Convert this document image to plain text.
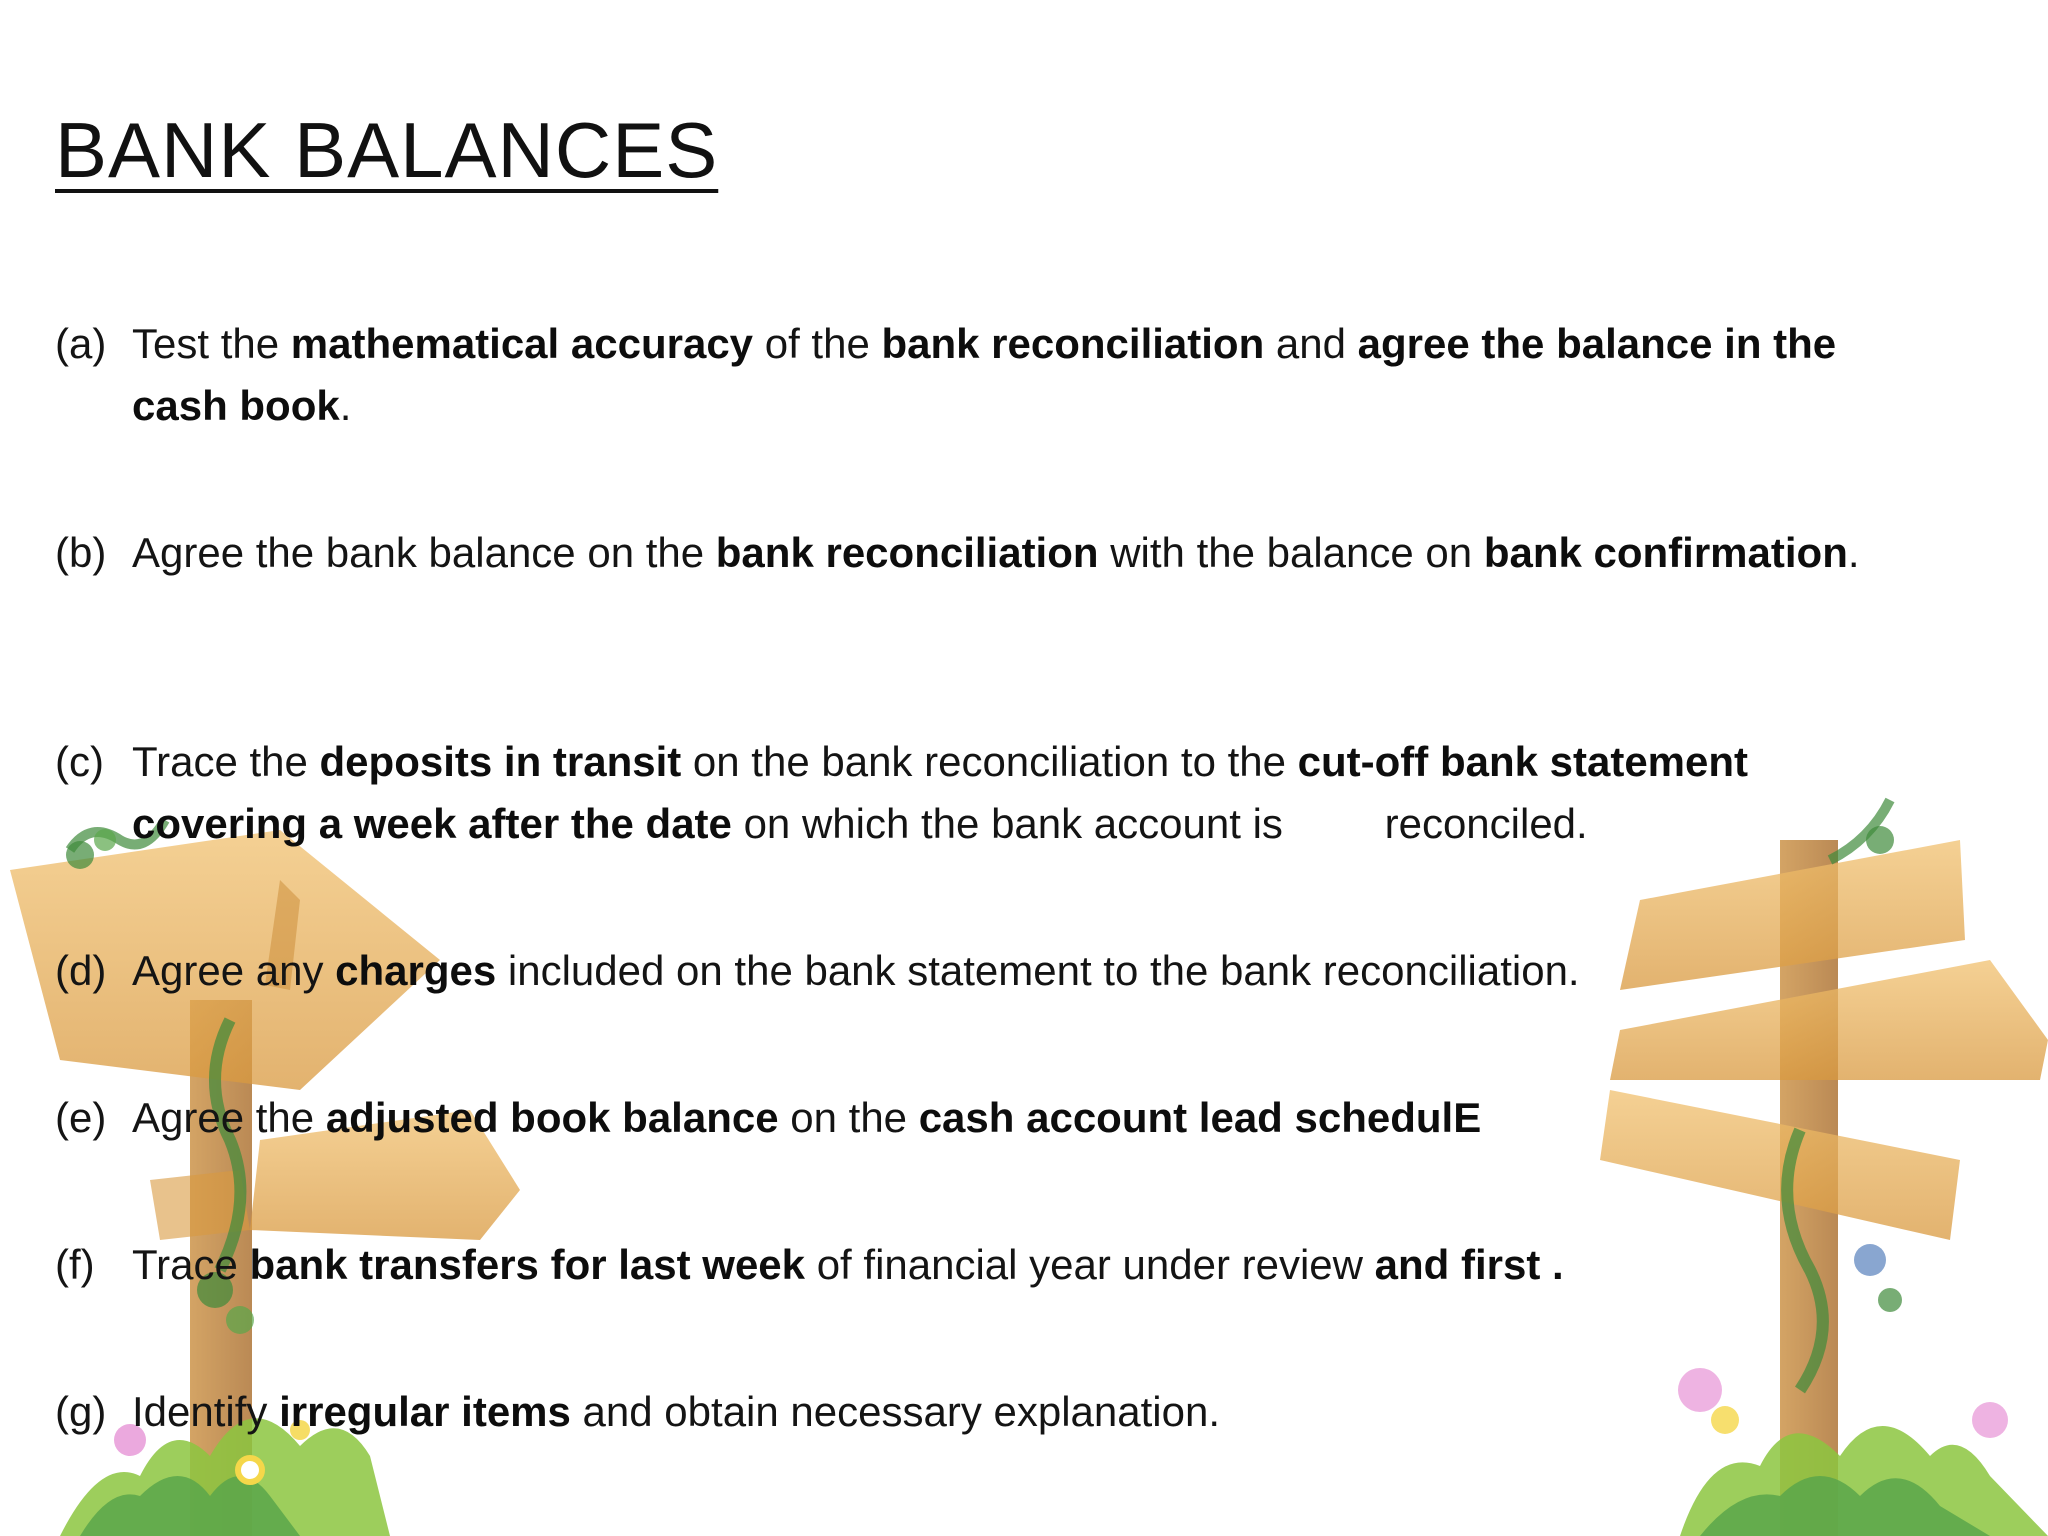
BANK BALANCES
(a) Test the mathematical accuracy of the bank reconciliation and agree the balance in the cash book.
(b) Agree the bank balance on the bank reconciliation with the balance on bank confirmation.
(c) Trace the deposits in transit on the bank reconciliation to the cut-off bank statement covering a week after the date on which the bank account is reconciled.
(d) Agree any charges included on the bank statement to the bank reconciliation.
(e) Agree the adjusted book balance on the cash account lead schedulE
(f) Trace bank transfers for last week of financial year under review and first .
(g) Identify irregular items and obtain necessary explanation.
